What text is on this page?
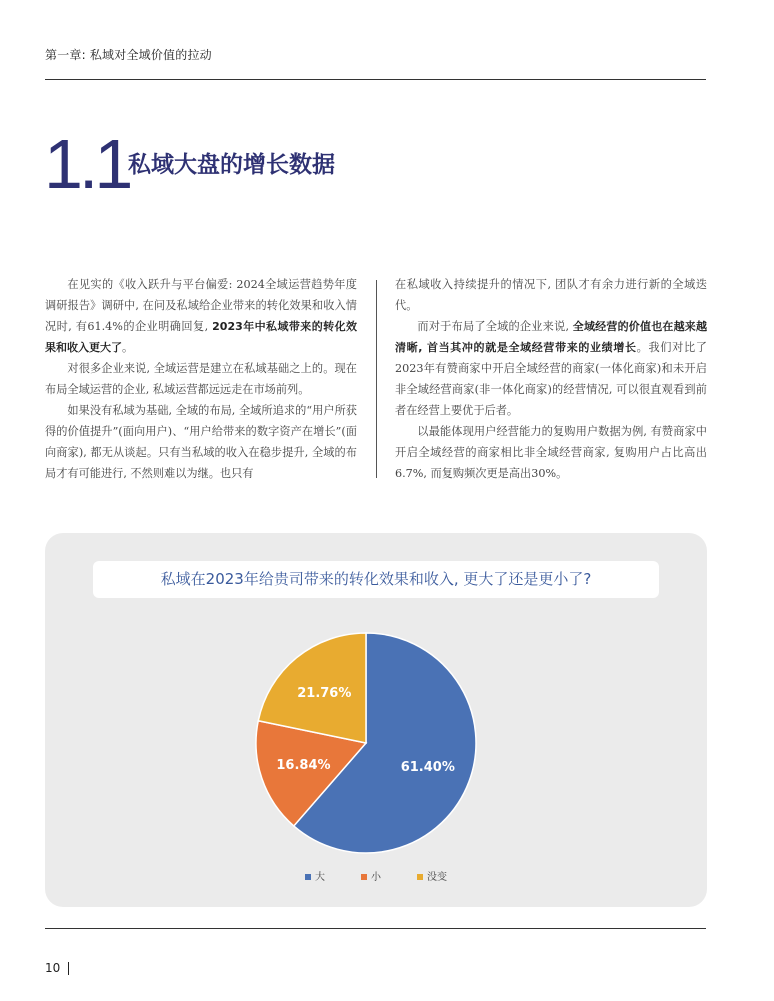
第一章: 私域对全域价值的拉动
1.1
私域大盘的增长数据

在见实的《收入跃升与平台偏爱: 2024全域运营趋势年度调研报告》调研中, 在问及私域给企业带来的转化效果和收入情况时, 有61.4%的企业明确回复, 2023年中私域带来的转化效果和收入更大了。

对很多企业来说, 全域运营是建立在私域基础之上的。现在布局全域运营的企业, 私域运营都远远走在市场前列。

如果没有私域为基础, 全域的布局, 全域所追求的“用户所获得的价值提升”(面向用户)、“用户给带来的数字资产在增长”(面向商家), 都无从谈起。只有当私域的收入在稳步提升, 全域的布局才有可能进行, 不然则难以为继。也只有

在私域收入持续提升的情况下, 团队才有余力进行新的全域迭代。

而对于布局了全域的企业来说, 全域经营的价值也在越来越清晰, 首当其冲的就是全域经营带来的业绩增长。我们对比了2023年有赞商家中开启全域经营的商家(一体化商家)和未开启非全域经营商家(非一体化商家)的经营情况, 可以很直观看到前者在经营上要优于后者。

以最能体现用户经营能力的复购用户数据为例, 有赞商家中开启全域经营的商家相比非全域经营商家, 复购用户占比高出6.7%, 而复购频次更是高出30%。

私域在2023年给贵司带来的转化效果和收入, 更大了还是更小了?
61.40%
16.84%
21.76%
大	小	没变
10
